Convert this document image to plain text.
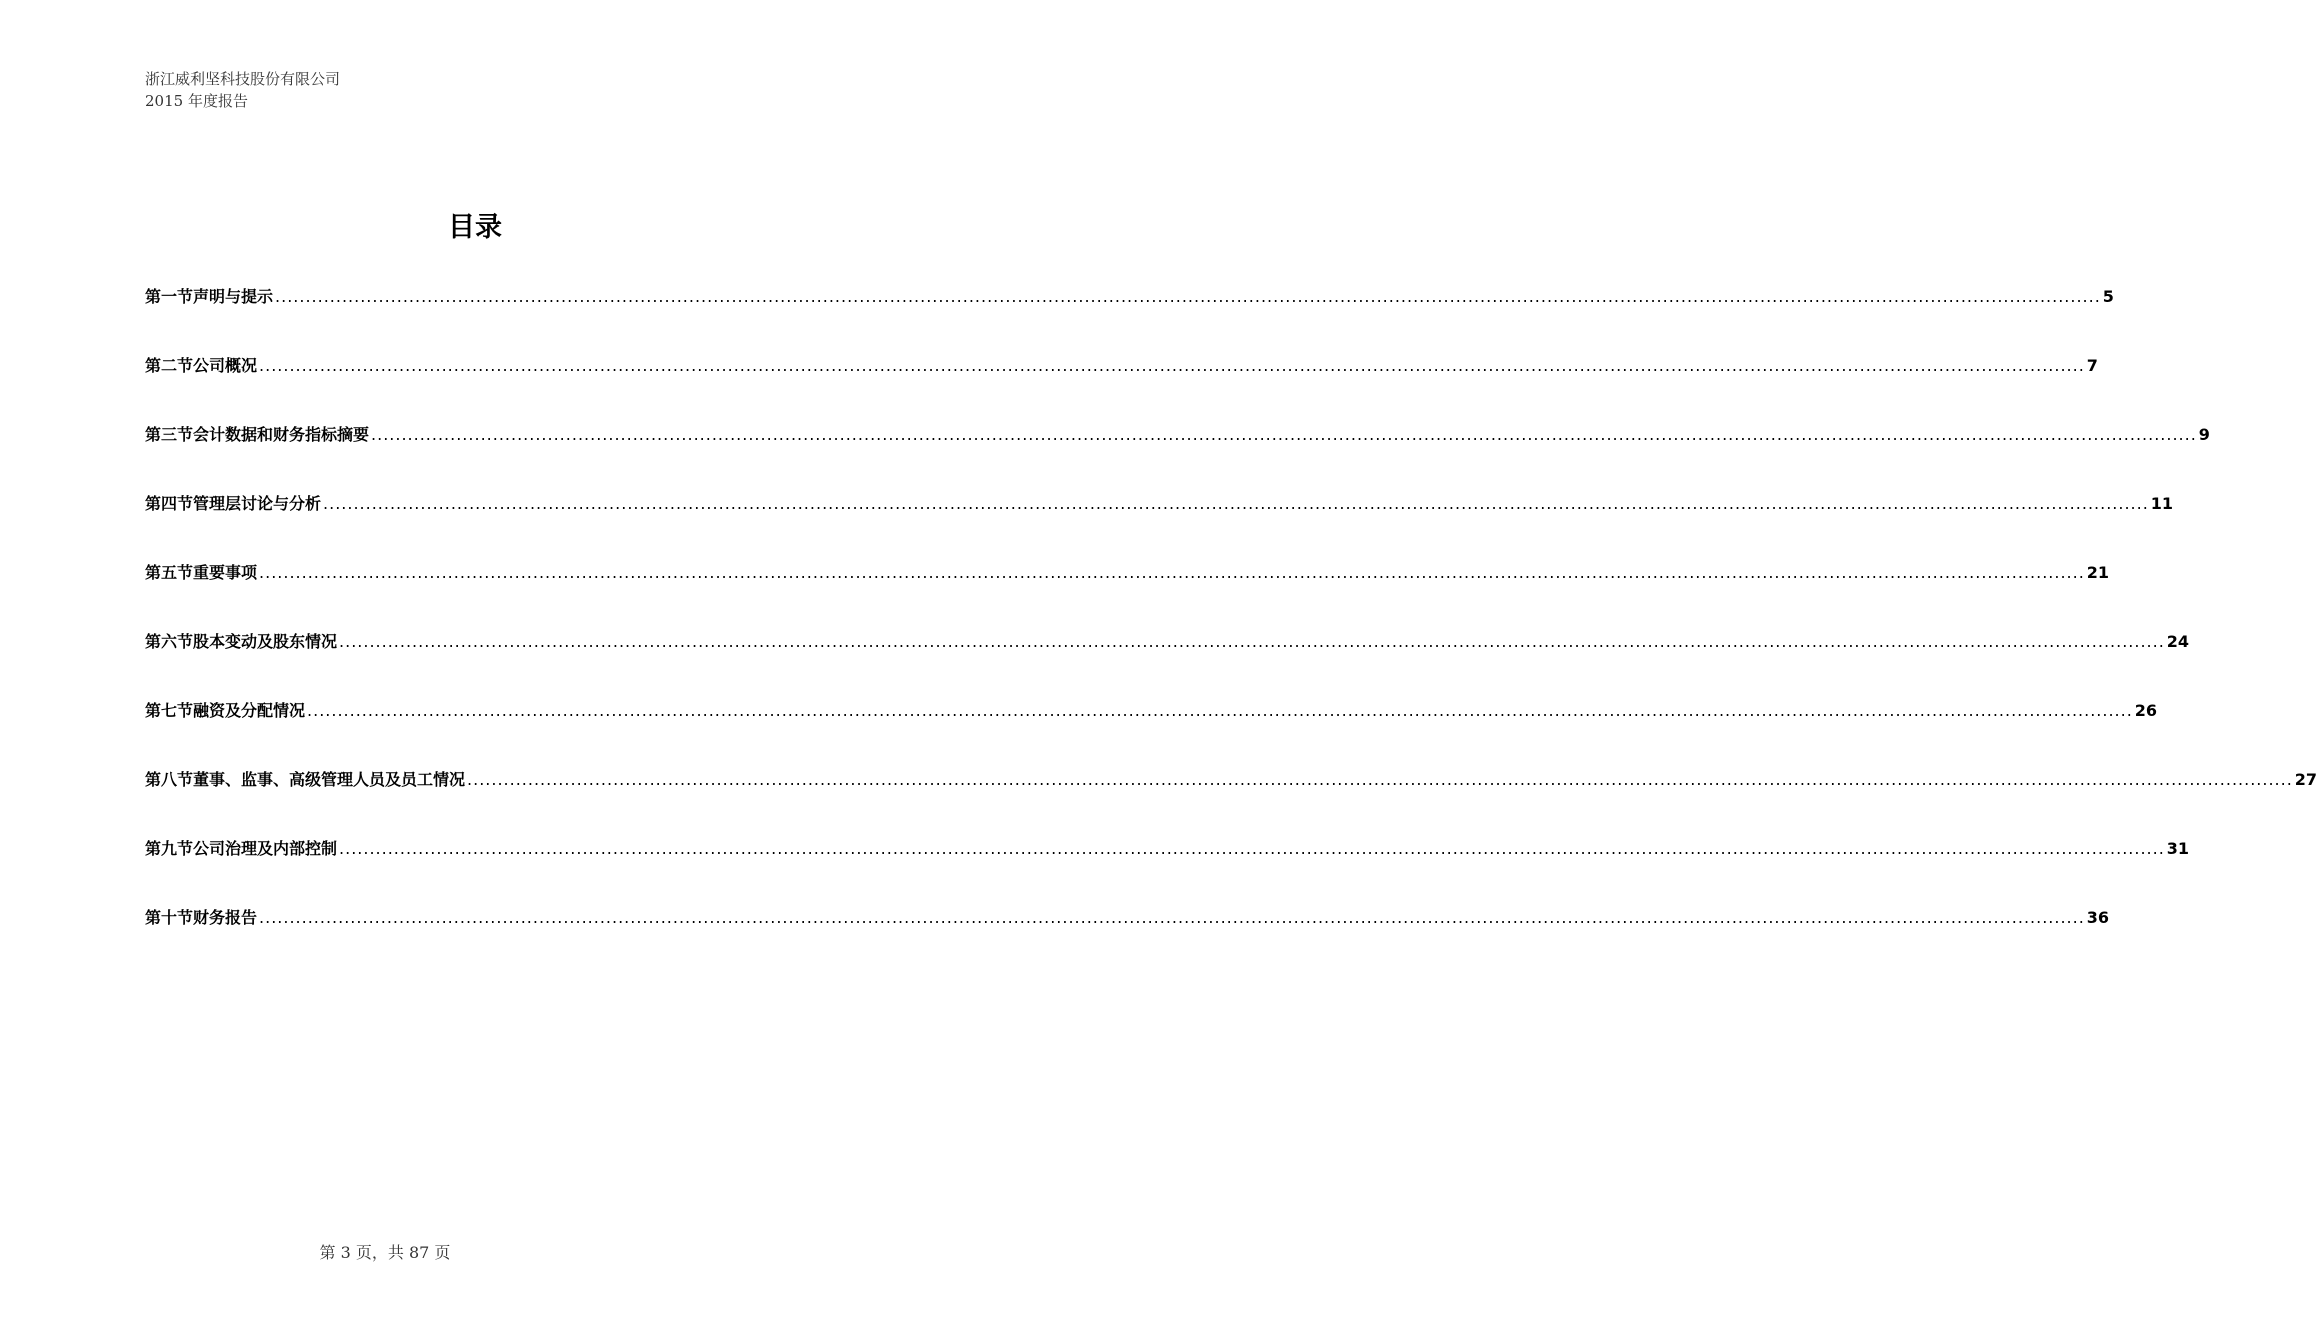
浙江威利坚科技股份有限公司
2015 年度报告
目录
第一节声明与提示 ............................................................................................................................................................................................................................................................................................................ 5
第二节公司概况 ............................................................................................................................................................................................................................................................................................................ 7
第三节会计数据和财务指标摘要 ............................................................................................................................................................................................................................................................................................................ 9
第四节管理层讨论与分析 ............................................................................................................................................................................................................................................................................................................ 11
第五节重要事项 ............................................................................................................................................................................................................................................................................................................ 21
第六节股本变动及股东情况 ............................................................................................................................................................................................................................................................................................................ 24
第七节融资及分配情况 ............................................................................................................................................................................................................................................................................................................ 26
第八节董事、监事、高级管理人员及员工情况 ............................................................................................................................................................................................................................................................................................................ 27
第九节公司治理及内部控制 ............................................................................................................................................................................................................................................................................................................ 31
第十节财务报告 ............................................................................................................................................................................................................................................................................................................ 36
第 3 页，共 87 页
